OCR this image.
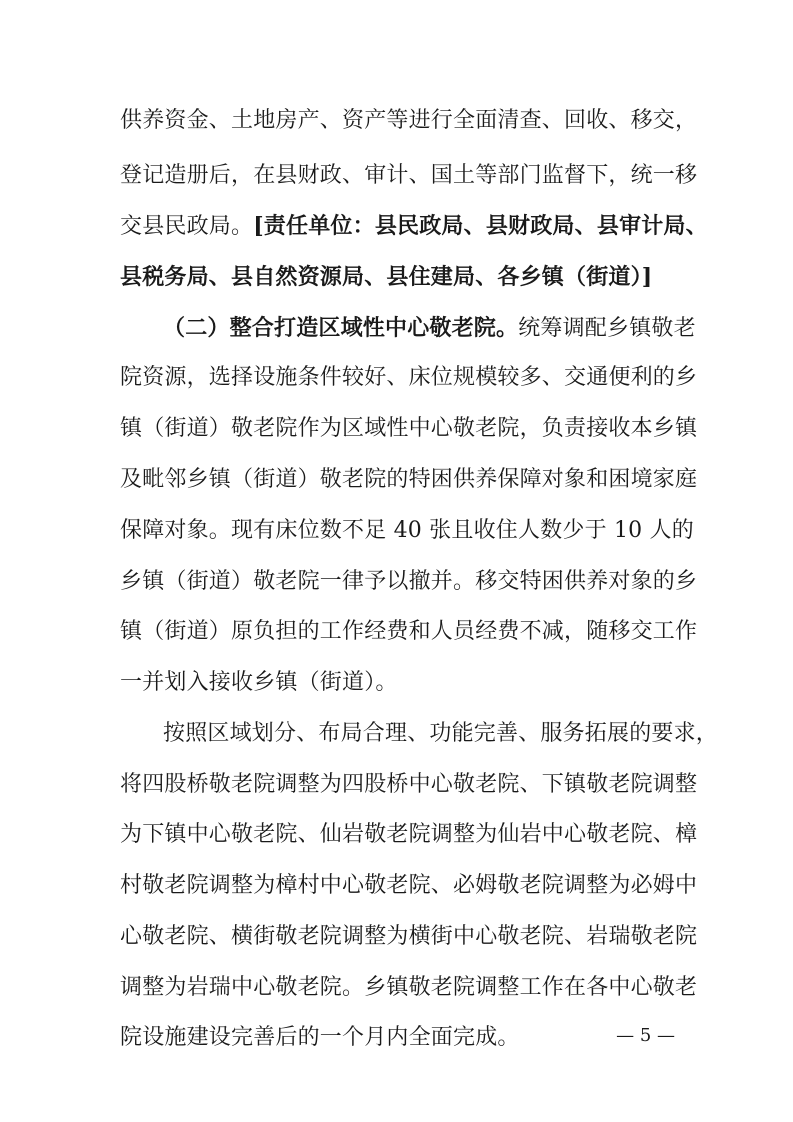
供养资金、土地房产、资产等进行全面清查、回收、移交，
登记造册后，在县财政、审计、国土等部门监督下，统一移
交县民政局。[责任单位：县民政局、县财政局、县审计局、
县税务局、县自然资源局、县住建局、各乡镇（街道）]
（二）整合打造区域性中心敬老院。统筹调配乡镇敬老
院资源，选择设施条件较好、床位规模较多、交通便利的乡
镇（街道）敬老院作为区域性中心敬老院，负责接收本乡镇
及毗邻乡镇（街道）敬老院的特困供养保障对象和困境家庭
保障对象。现有床位数不足 40 张且收住人数少于 10 人的
乡镇（街道）敬老院一律予以撤并。移交特困供养对象的乡
镇（街道）原负担的工作经费和人员经费不减，随移交工作
一并划入接收乡镇（街道）。
按照区域划分、布局合理、功能完善、服务拓展的要求，
将四股桥敬老院调整为四股桥中心敬老院、下镇敬老院调整
为下镇中心敬老院、仙岩敬老院调整为仙岩中心敬老院、樟
村敬老院调整为樟村中心敬老院、必姆敬老院调整为必姆中
心敬老院、横街敬老院调整为横街中心敬老院、岩瑞敬老院
调整为岩瑞中心敬老院。乡镇敬老院调整工作在各中心敬老
院设施建设完善后的一个月内全面完成。	— 5 —
